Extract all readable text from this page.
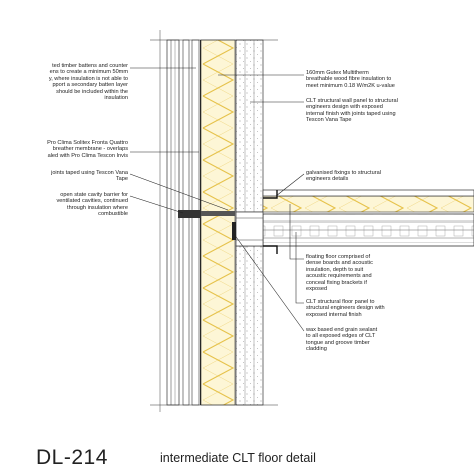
ted timber battens and counter
ens to create a minimum 50mm
y, where insulation is not able to
pport a secondary batten layer
should be included within the
insulation
Pro Clima Solitex Fronta Quattro
breather membrane - overlaps
aled with Pro Clima Tescon Invis
joints taped using Tescon Vana
Tape
open state cavity barrier for
ventilated cavities, continued
through insulation where
combustible
160mm Gutex Multitherm
breathable wood fibre insulation to
meet minimum 0.18 W/m2K u-value
CLT structural wall panel to structural
engineers design with exposed
internal finish with joints taped using
Tescon Vana Tape
galvanised fixings to structural
engineers details
floating floor comprised of
dense boards and acoustic
insulation, depth to suit
acoustic requirements and
conceal fixing brackets if
exposed
CLT structural floor panel to
structural engineers design with
exposed internal finish
wax based end grain sealant
to all exposed edges of CLT
tongue and groove timber
cladding
DL-214	intermediate CLT floor detail
